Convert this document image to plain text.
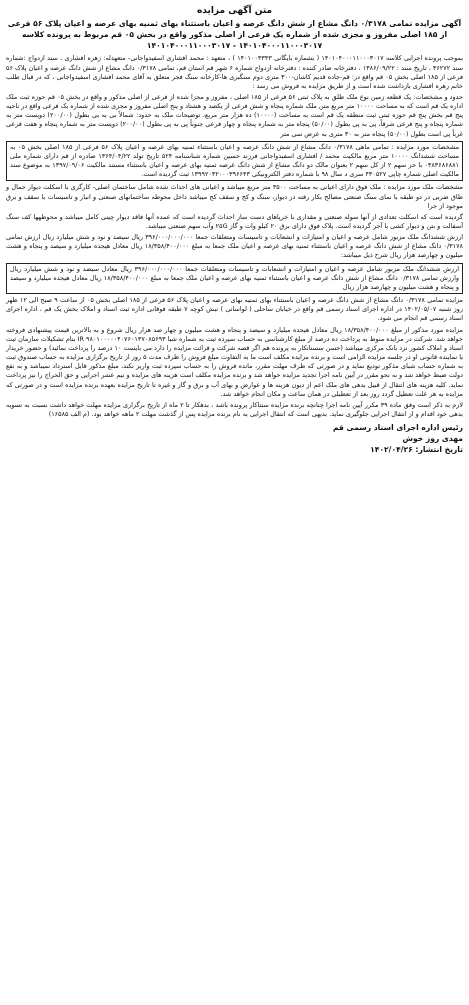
متن آگهی مزایده
آگهی مزایده تمامی ۰/۳۱۷۸ دانگ مشاع از شش دانگ عرصه و اعیان باستثناء بهای ثمنیه بهای عرصه و اعیان پلاک ۵۶ فرعی از ۱۸۵ اصلی مفروز و مجزی شده از شماره یک فرعی از اصلی مذکور واقع در بخش ۰۵ قم مربوط به پرونده کلاسه ۱۴۰۱۰۴۰۰۰۱۱۰۰۰۳۰۱۷ - ۱۴۰۱۰۴۰۰۰۱۱۰۰۰۳۰۱۷
بموجب پرونده اجرایی کلاسه ۱۴۰۱۰۴۰۰۰۱۱۰۰۰۳۰۱۷ ( بشماره بایگانی ۱۴۰۱۰۰۳۳۴۳ ) ، متعهد : محمد افشاری اسفیدواجانی- متعهدله: زهره افشاری ، سند ازدواج :شماره سند ۳۶۲۷۲ ، تاریخ سند : ۱۳۸۶/۰۹/۲۲ ، دفترخانه صادر کننده : دفترخانه ازدواج شماره ۶ شهر قم استان قم، تمامی ۰/۳۱۷۸ دانگ مشاع از شش دانگ عرصه و اعیان پلاک ۵۶ فرعی از ۱۸۵ اصلی بخش ۰۵ قم واقع در: قم-جاده قدیم کاشان-۳۰۰ متری دوم سنگبری ها-کارخانه سنگ فجر متعلق به آقای محمد افشاری اسفیدواجانی ، که در قبال طلب خانم زهره افشاری بازداشت شده است و از طریق مزایده به فروش می رسد :
حدود و مشخصات: یک قطعه زمین نوع ملک طلق به پلاک ثبتی ۵۶ فرعی از ۱۸۵ اصلی ، مفروز و مجزا شده از فرعی از اصلی مذکور و واقع در بخش ۰۵ قم حوزه ثبت ملک اداره یک قم است که به مساحت ۱۰۰۰۰ متر مربع متن ملک شماره پنجاه و شش فرعی از یکصد و هشتاد و پنج اصلی مفروز و مجزی شده از شماره یک فرعی واقع در ناحیه پنج قم بخش پنج قم حوزه ثبتی ثبت منطقه یک قم است به مساحت (۱۰۰۰۰) ده هزار متر مربع، توضیحات ملک به حدود: شمالاً بی به بی بطول (۲۰۰/۰۰) دویست متر به شماره پنجاه و پنج فرعی شرقاً، پی به پی بطول (۵۰/۰۰) پنجاه متر به شماره پنجاه و چهار فرعی جنوباً پی به پی بطول (۲۰۰/۰۰) دویست متر به شماره پنجاه و هفت فرعی غرباً پی است بطول (۵۰/۰۰) پنجاه متر به ۳۰ متری به عرض سی متر
مشخصات مورد مزایده : تمامی ماهی ۰/۳۱۷۸ دانگ مشاع از شش دانگ عرصه و اعیان باستثناء ثمنیه بهای عرصه و اعیان پلاک ۵۶ فرعی از ۱۸۵ اصلی بخش ۰۵ به مساحت ششدانگ ۱۰۰۰۰ متر مربع مالکیت محمد / افشاری اسفیدواجانی فرزند حسین شماره شناسنامه ۵۲۴ تاریخ تولد ۱۳۶۴/۰۴/۲۲ صادره از قم دارای شماره ملی ۰۳۸۳۶۸۶۸۸۱ با حز سهم ۲ از کل سهم ۲ بعنوان مالک دو دانگ مشاع از شش دانگ عرصه ثمنیه بهای عرصه و اعیان باستثناء مستند مالکیت ۱۳۹۷/۰۹/۰۶ به موضوع سند مالکیت اصلی شماره چاپی ۴۳۰۵۲۷ سری د سال ۹۸ با شماره دفتر الکترونیکی ۱۳۹۹۲۰۳۲۰۰۰۳۹۶۶۴۳ ثبت گردیده است.
مشخصات ملک مورد مزایده : ملک فوق دارای اعیانی به مساحت ۳۵۰۰ متر مربع میباشد و اعیانی های احداث شده شامل ساختمان اصلی- کارگری با اسکلت دیوار حمال و طاق ضربی در دو طبقه با نمای سنگ صنعتی مصالح بکار رفته در دیوار، سنگ و کج و سقف کج میباشد داخل محوطه ساختمانهای صنعتی و انبار و تاسیسات با سقف و برق موجود از جرا
گردیده است که اسکلت تعدادی از آنها سوله صنعتی و مقداری با خرپاهای دست ساز احداث گردیده است که عمده آنها فاقد دیوار چینی کامل میباشد و محوطهها کف سنگ آسفالت و بتن و دیوار کشی با آجر گردیده است. پلاک فوق دارای برق ۲۰ کیلو وات و گاز ۲۵G وآب سهم صنعتی میباشد.
ارزش ششدانگ ملک مزبور شامل عرصه و اعیان و امتیازات و انشعابات و تاسیسات ومتعلقات جمعا ۳۹۶/۰۰۰/۰۰۰/۰۰۰ ریال سیصد و نود و شش میلیارد ریال ارزش تمامی ۰/۳۱۷۸ دانگ مشاع از شش دانگ عرصه و اعیان باستثناء ثمنیه بهای عرصه و اعیان ملک جمعا به مبلغ ۱۸/۳۵۸/۴۰۰/۰۰۰ ریال معادل هیجده میلیارد و سیصد و پنجاه و هشت میلیون و چهارصد هزار ریال شرح ذیل میباشد:
ارزش ششدانگ ملک مزبور شامل عرصه و اعیان و امتیازات و انشعابات و تاسیسات ومتعلقات جمعا ۳۹۶/۰۰۰/۰۰۰/۰۰۰ ریال معادل سیصد و نود و شش میلیارد ریال وارزش تمامی ۰/۳۱۷۸ دانگ مشاع از شش دانگ عرصه و اعیان باستثناء ثمنیه بهای عرصه و اعیان ملک جمعا به مبلغ ۱۸/۳۵۸/۴۰۰/۰۰۰ ریال معادل هیجده میلیارد و سیصد و پنجاه و هشت میلیون و چهارصد هزار ریال
مزایده تمامی ۰/۳۱۷۸ دانگ مشاع از شش دانگ عرصه و اعیان باستثناء بهای ثمنیه بهای عرصه و اعیان پلاک ۵۶ فرعی از ۱۸۵ اصلی بخش ۰۵ از ساعت ۹ صبح الی ۱۲ ظهر روز شنبه ۱۴۰۲/۰۵/۰۷ در اداره اجرای اسناد رسمی قم واقع در خیابان ساحلی ( لواسانی ) نبش کوچه ۷ طبقه فوقانی اداره ثبت اسناد و املاک بخش یک قم ، اداره اجرای اسناد رسمی قم انجام می شود.
مزایده مورد مذکور از مبلغ ۱۸/۳۵۸/۴۰۰/۰۰۰ ریال معادل هیجده میلیارد و سیصد و پنجاه و هشت میلیون و چهار صد هزار ریال شروع و به بالاترین قیمت پیشنهادی فروخته خواهد شد. شرکت در مزایده منوط به پرداخت ده درصد از مبلغ کارشناسی به حساب سپرده ثبت به شماره شبا IR ۹۸۰۱۰۰۰۰۰۴۰۷۶۰۱۳۷۰۸۵۶۹۳ بنام تشکیلات سازمان ثبت اسناد و املاک کشور نزد بانک مرکزی میباشد (حسن سستانکار به پرونده هم اگر قصه شرکت و قرائت مزایده را دارد می بایست ۱۰ درصد را پرداخت نمائید) و حضور خریدار یا نماینده قانونی او در جلسه مزایده الزامی است و برنده مزایده مکلف است ما به التفاوت مبلغ فروش را ظرف مدت ۵ روز از تاریخ برگزاری مزایده به حساب صندوق ثبت به شماره حساب شبای مذکور تودیع نماید و در صورتی که طرف مهلت مقرر، مانده فروش را به حساب سپرده ثبت واریز نکند، مبلغ مذکور قابل استرداد نمیباشد و به نفع دولت ضبط خواهد شد و به نحو مقرر در آیین نامه اجرا تجدید مزایده خواهد شد و برنده مزایده مکلف است هزینه های مزایده و نیم عشر اجرایی و حق الحراج را نیز پرداخت نماید. کلیه هزینه های انتقال از قبیل بدهی های ملک اعم از دیون هزینه ها و عوارض و بهای آب و برق و گاز و غیره تا تاریخ مزایده بعهده برنده مزایده است و در صورتی که مزایده به هر علت تعطیل گردد روز بعد از تعطیلی در همان ساعت و مکان انجام خواهد شد.
لازم به ذکر است وفق ماده ۳۹ مکرر آیین نامه اجرا چنانچه برنده مزایده ستتاکار پرونده باشد ، بدهکار تا ۲ ماه از تاریخ برگزاری مزایده مهلت خواهد داشت نسبت به تسویه بدهی خود اقدام و از انتقال اجرایی جلوگیری نماید. بدیهی است که انتقال اجرایی به نام برنده مزایده پس از گذشت مهلت ۲ ماهه خواهد بود. (م الف ۱۶۵۸۵)
رئیس اداره اجرای اسناد رسمی قم
مهدی روز خوش
تاریخ انتشار: ۱۴۰۲/۰۴/۲۶
